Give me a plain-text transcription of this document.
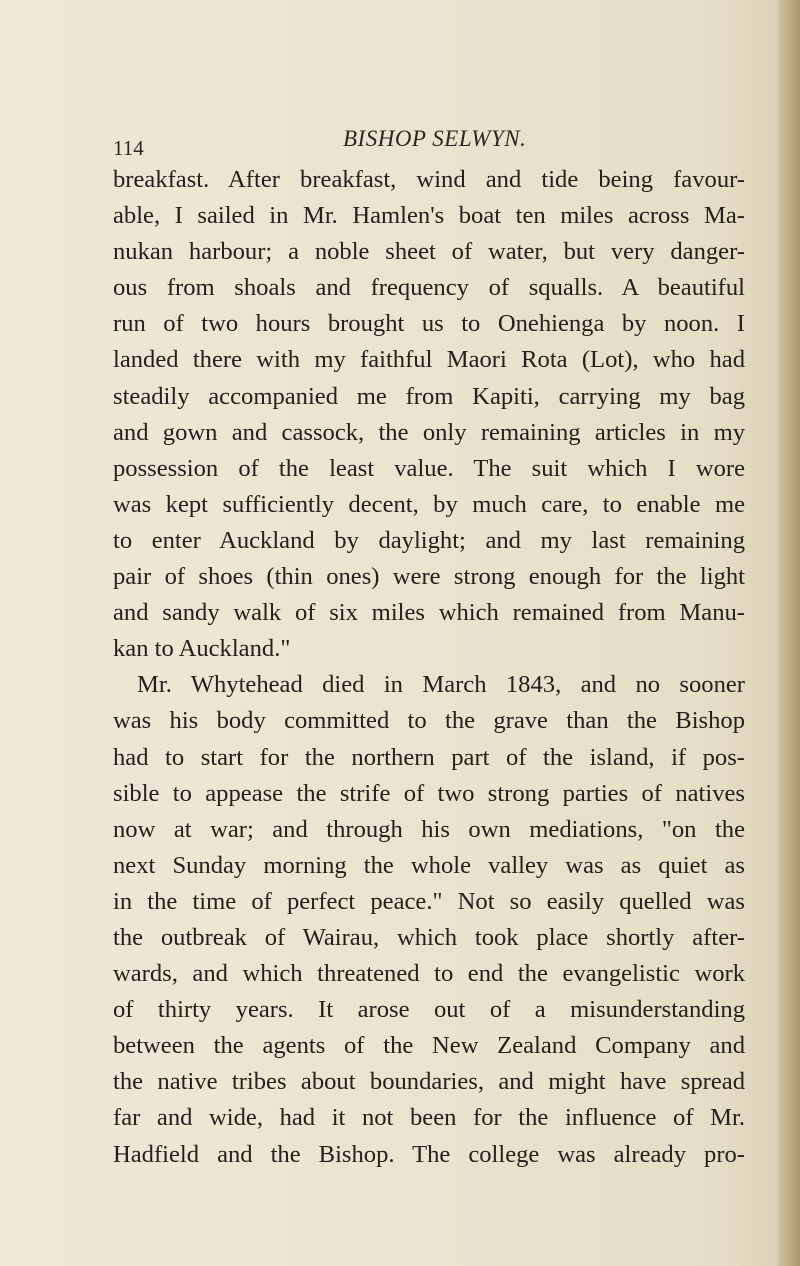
114	BISHOP SELWYN.
breakfast. After breakfast, wind and tide being favour-
able, I sailed in Mr. Hamlen's boat ten miles across Ma-
nukan harbour; a noble sheet of water, but very danger-
ous from shoals and frequency of squalls. A beautiful
run of two hours brought us to Onehienga by noon. I
landed there with my faithful Maori Rota (Lot), who had
steadily accompanied me from Kapiti, carrying my bag
and gown and cassock, the only remaining articles in my
possession of the least value. The suit which I wore
was kept sufficiently decent, by much care, to enable me
to enter Auckland by daylight; and my last remaining
pair of shoes (thin ones) were strong enough for the light
and sandy walk of six miles which remained from Manu-
kan to Auckland."
Mr. Whytehead died in March 1843, and no sooner
was his body committed to the grave than the Bishop
had to start for the northern part of the island, if pos-
sible to appease the strife of two strong parties of natives
now at war; and through his own mediations, "on the
next Sunday morning the whole valley was as quiet as
in the time of perfect peace." Not so easily quelled was
the outbreak of Wairau, which took place shortly after-
wards, and which threatened to end the evangelistic work
of thirty years. It arose out of a misunderstanding
between the agents of the New Zealand Company and
the native tribes about boundaries, and might have spread
far and wide, had it not been for the influence of Mr.
Hadfield and the Bishop. The college was already pro-
